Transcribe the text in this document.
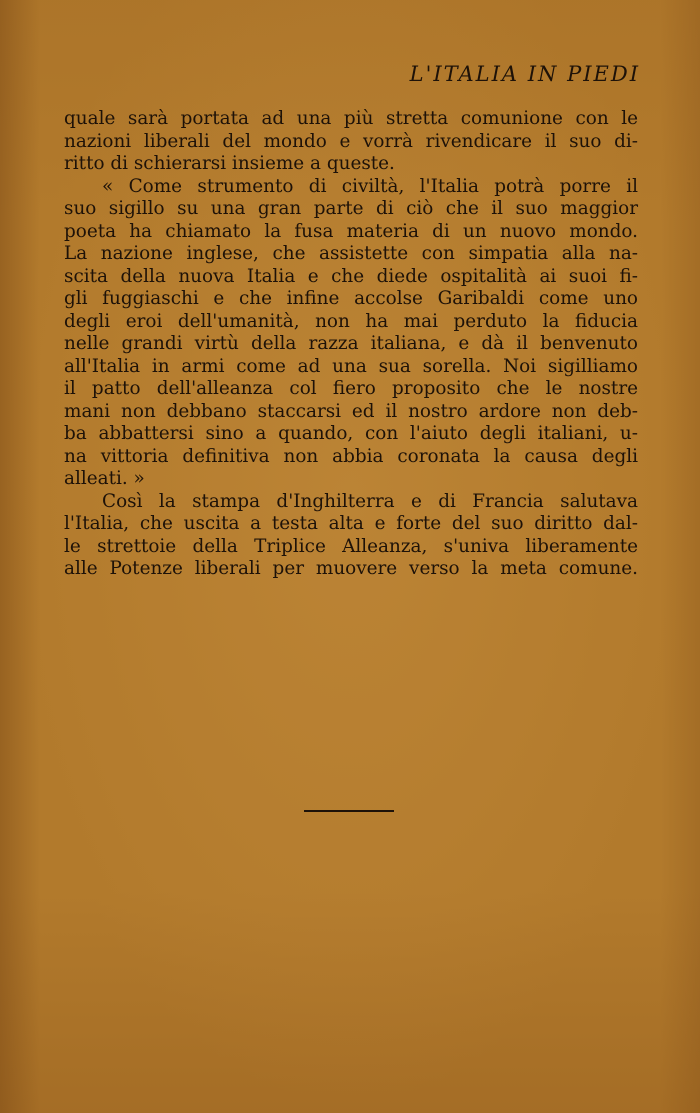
L'ITALIA IN PIEDI
quale sarà portata ad una più stretta comunione con le
nazioni liberali del mondo e vorrà rivendicare il suo di-
ritto di schierarsi insieme a queste.
« Come strumento di civiltà, l'Italia potrà porre il
suo sigillo su una gran parte di ciò che il suo maggior
poeta ha chiamato la fusa materia di un nuovo mondo.
La nazione inglese, che assistette con simpatia alla na-
scita della nuova Italia e che diede ospitalità ai suoi fi-
gli fuggiaschi e che infine accolse Garibaldi come uno
degli eroi dell'umanità, non ha mai perduto la fiducia
nelle grandi virtù della razza italiana, e dà il benvenuto
all'Italia in armi come ad una sua sorella. Noi sigilliamo
il patto dell'alleanza col fiero proposito che le nostre
mani non debbano staccarsi ed il nostro ardore non deb-
ba abbattersi sino a quando, con l'aiuto degli italiani, u-
na vittoria definitiva non abbia coronata la causa degli
alleati. »
Così la stampa d'Inghilterra e di Francia salutava
l'Italia, che uscita a testa alta e forte del suo diritto dal-
le strettoie della Triplice Alleanza, s'univa liberamente
alle Potenze liberali per muovere verso la meta comune.
